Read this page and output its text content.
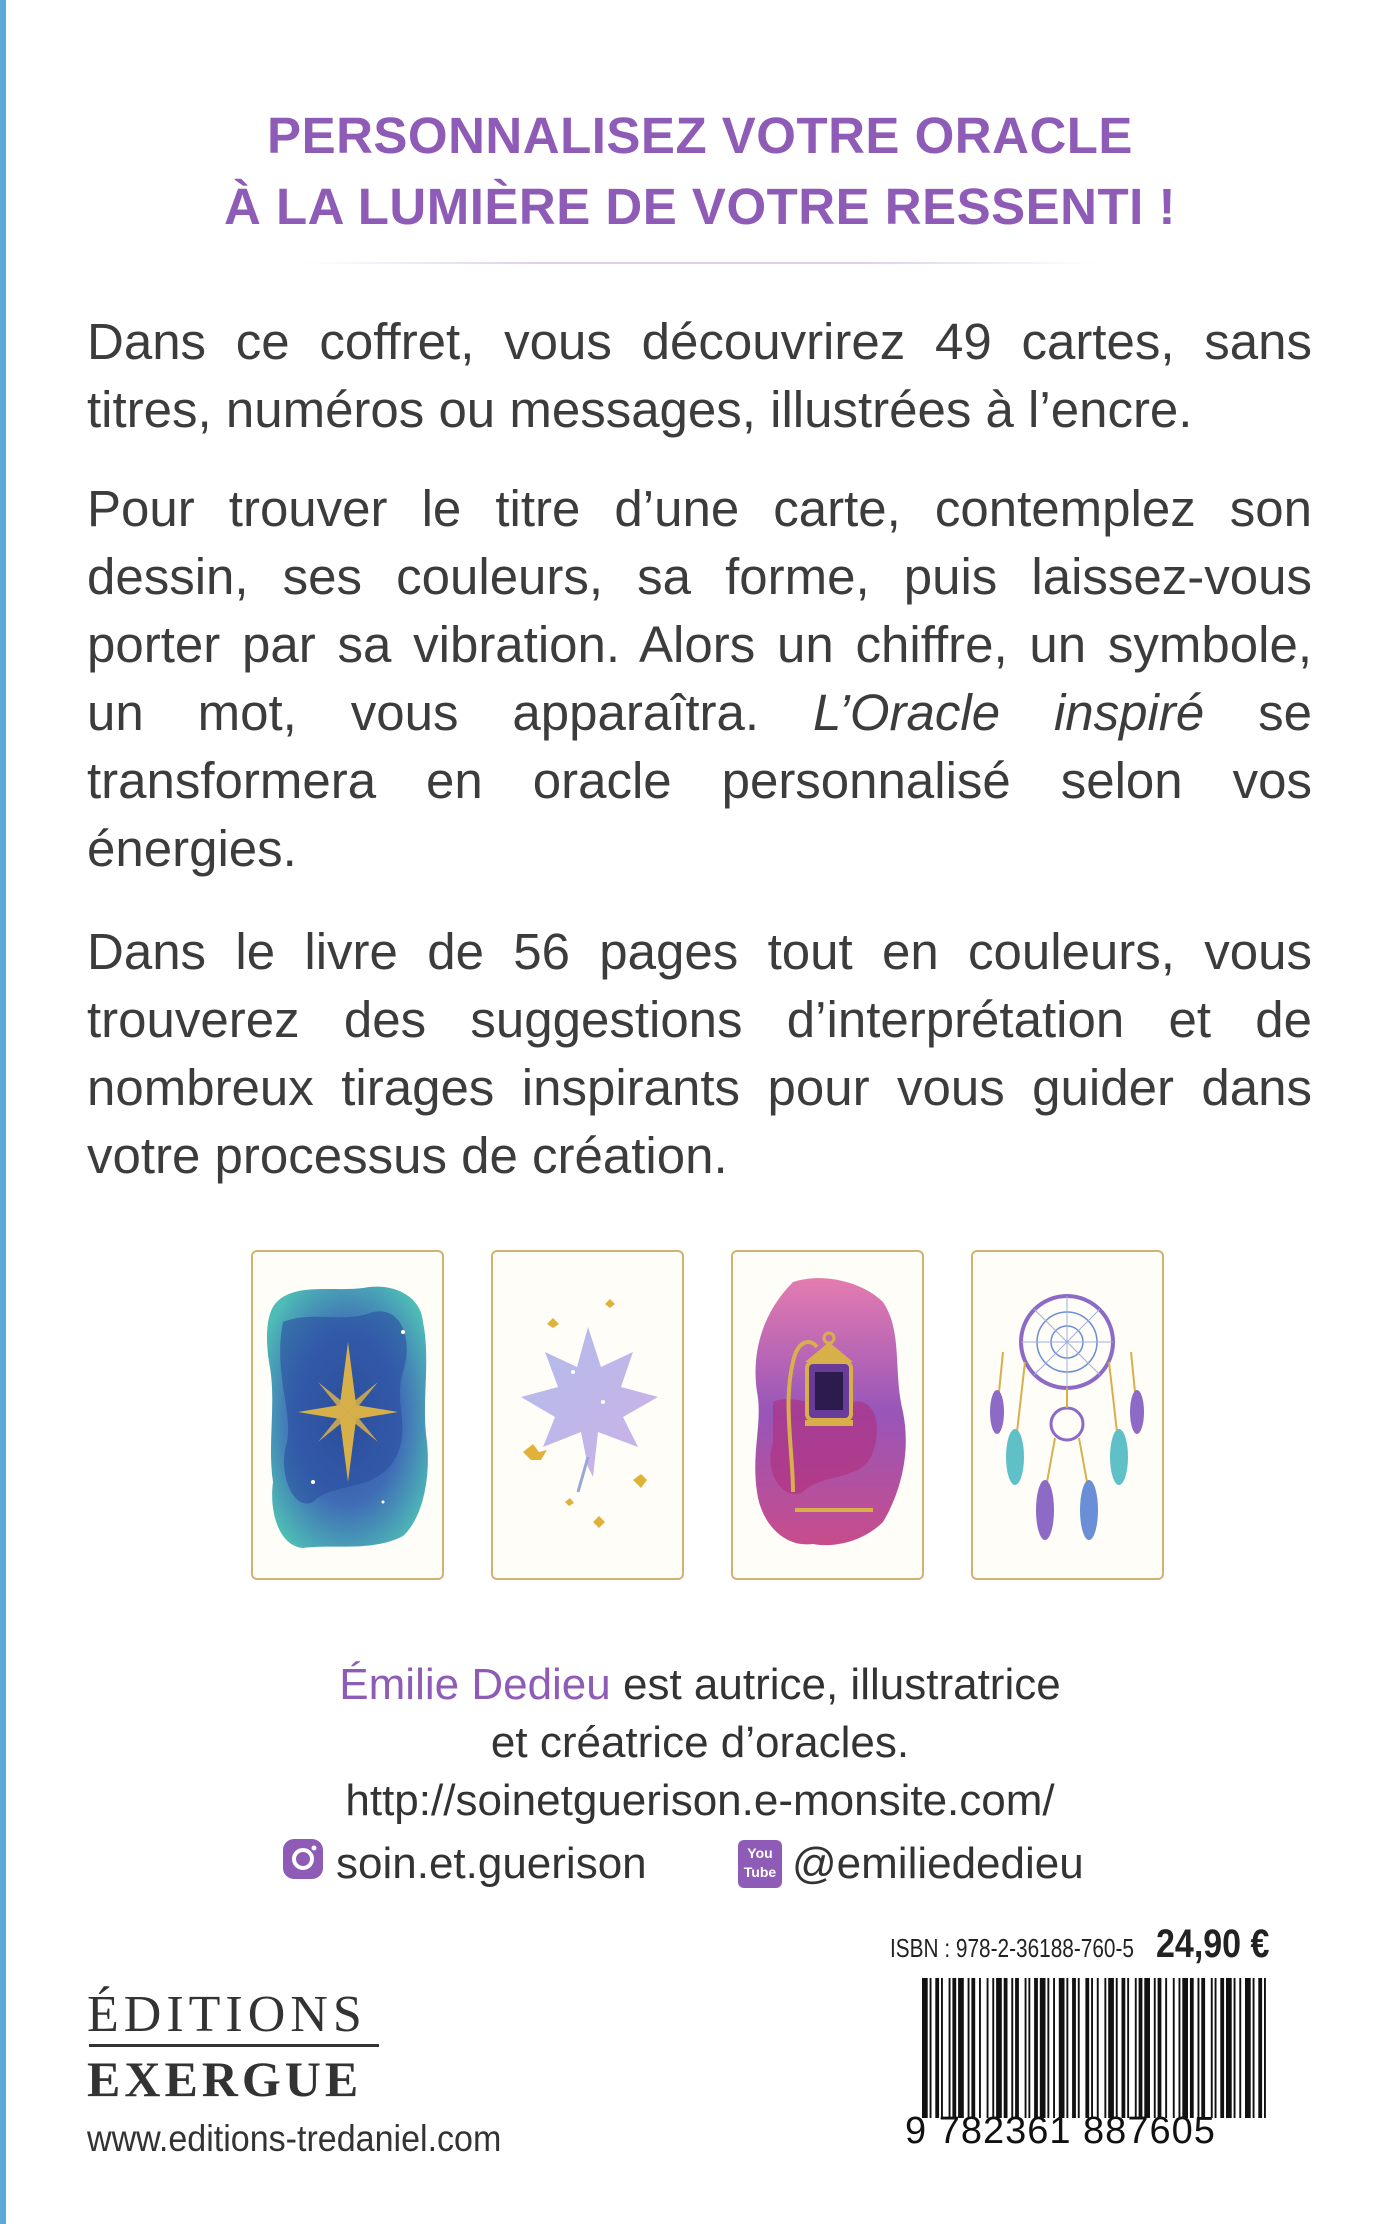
PERSONNALISEZ VOTRE ORACLE
À LA LUMIÈRE DE VOTRE RESSENTI !
Dans ce coffret, vous découvrirez 49 cartes, sans titres, numéros ou messages, illustrées à l’encre.
Pour trouver le titre d’une carte, contemplez son dessin, ses couleurs, sa forme, puis laissez-vous porter par sa vibration. Alors un chiffre, un symbole, un mot, vous apparaîtra. L’Oracle inspiré se transformera en oracle personnalisé selon vos énergies.
Dans le livre de 56 pages tout en couleurs, vous trouverez des suggestions d’interprétation et de nombreux tirages inspirants pour vous guider dans votre processus de création.
Émilie Dedieu est autrice, illustratrice
et créatrice d’oracles.
http://soinetguerison.e-monsite.com/
soin.et.guerison	You Tube @emiliededieu
ISBN : 978-2-36188-760-5 24,90 €
9 782361 887605
ÉDITIONS
EXERGUE
www.editions-tredaniel.com
